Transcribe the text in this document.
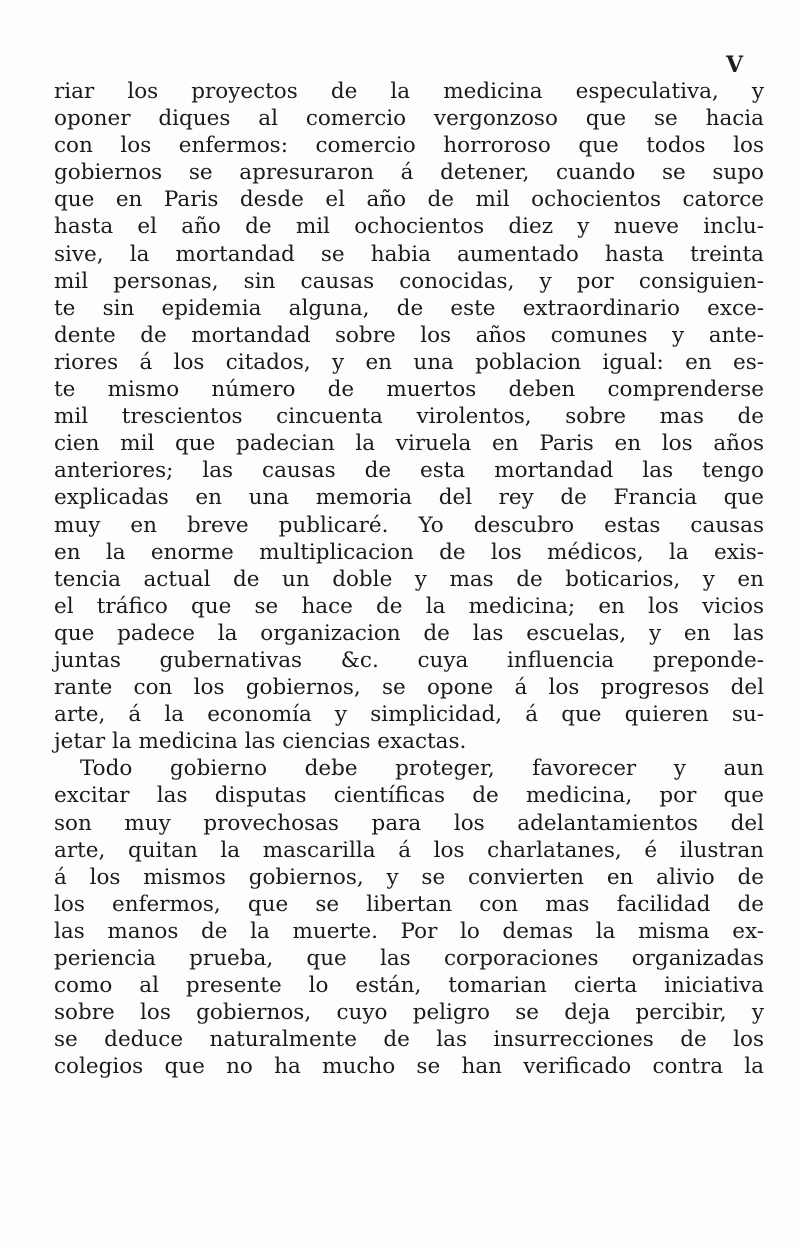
V
riar los proyectos de la medicina especulativa, y
oponer diques al comercio vergonzoso que se hacia
con los enfermos: comercio horroroso que todos los
gobiernos se apresuraron á detener, cuando se supo
que en Paris desde el año de mil ochocientos catorce
hasta el año de mil ochocientos diez y nueve inclu-
sive, la mortandad se habia aumentado hasta treinta
mil personas, sin causas conocidas, y por consiguien-
te sin epidemia alguna, de este extraordinario exce-
dente de mortandad sobre los años comunes y ante-
riores á los citados, y en una poblacion igual: en es-
te mismo número de muertos deben comprenderse
mil trescientos cincuenta virolentos, sobre mas de
cien mil que padecian la viruela en Paris en los años
anteriores; las causas de esta mortandad las tengo
explicadas en una memoria del rey de Francia que
muy en breve publicaré. Yo descubro estas causas
en la enorme multiplicacion de los médicos, la exis-
tencia actual de un doble y mas de boticarios, y en
el tráfico que se hace de la medicina; en los vicios
que padece la organizacion de las escuelas, y en las
juntas gubernativas &c. cuya influencia preponde-
rante con los gobiernos, se opone á los progresos del
arte, á la economía y simplicidad, á que quieren su-
jetar la medicina las ciencias exactas.
Todo gobierno debe proteger, favorecer y aun
excitar las disputas científicas de medicina, por que
son muy provechosas para los adelantamientos del
arte, quitan la mascarilla á los charlatanes, é ilustran
á los mismos gobiernos, y se convierten en alivio de
los enfermos, que se libertan con mas facilidad de
las manos de la muerte. Por lo demas la misma ex-
periencia prueba, que las corporaciones organizadas
como al presente lo están, tomarian cierta iniciativa
sobre los gobiernos, cuyo peligro se deja percibir, y
se deduce naturalmente de las insurrecciones de los
colegios que no ha mucho se han verificado contra la
